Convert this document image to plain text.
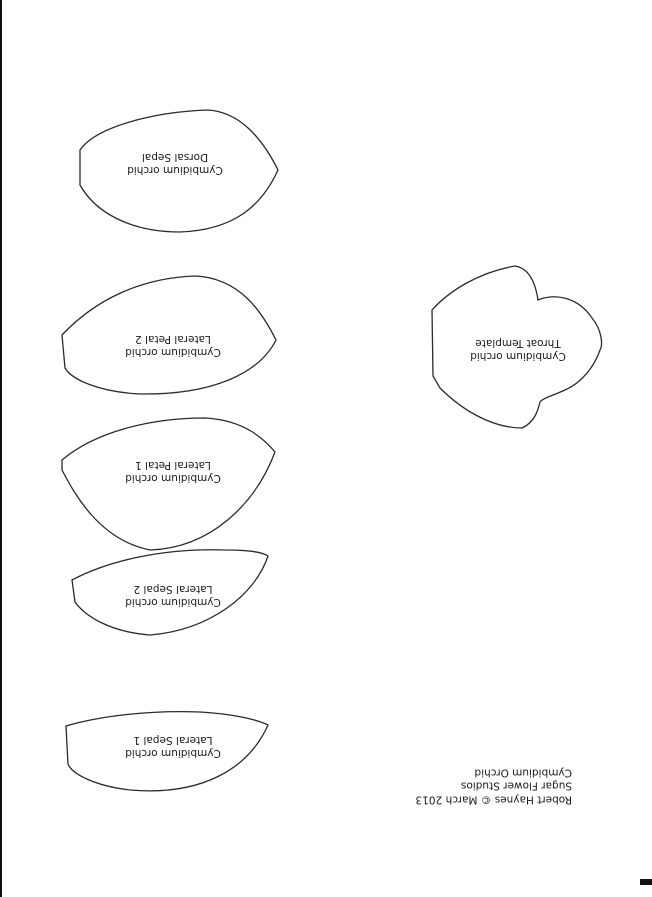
Cymbidium orchid
Dorsal Sepal
Cymbidium orchid
Lateral Petal 2
Cymbidium orchid
Lateral Petal 1
Cymbidium orchid
Lateral Sepal 2
Cymbidium orchid
Lateral Sepal 1
Cymbidium orchid
Throat Template
Robert Haynes © March 2013
Sugar Flower Studios
Cymbidium Orchid
